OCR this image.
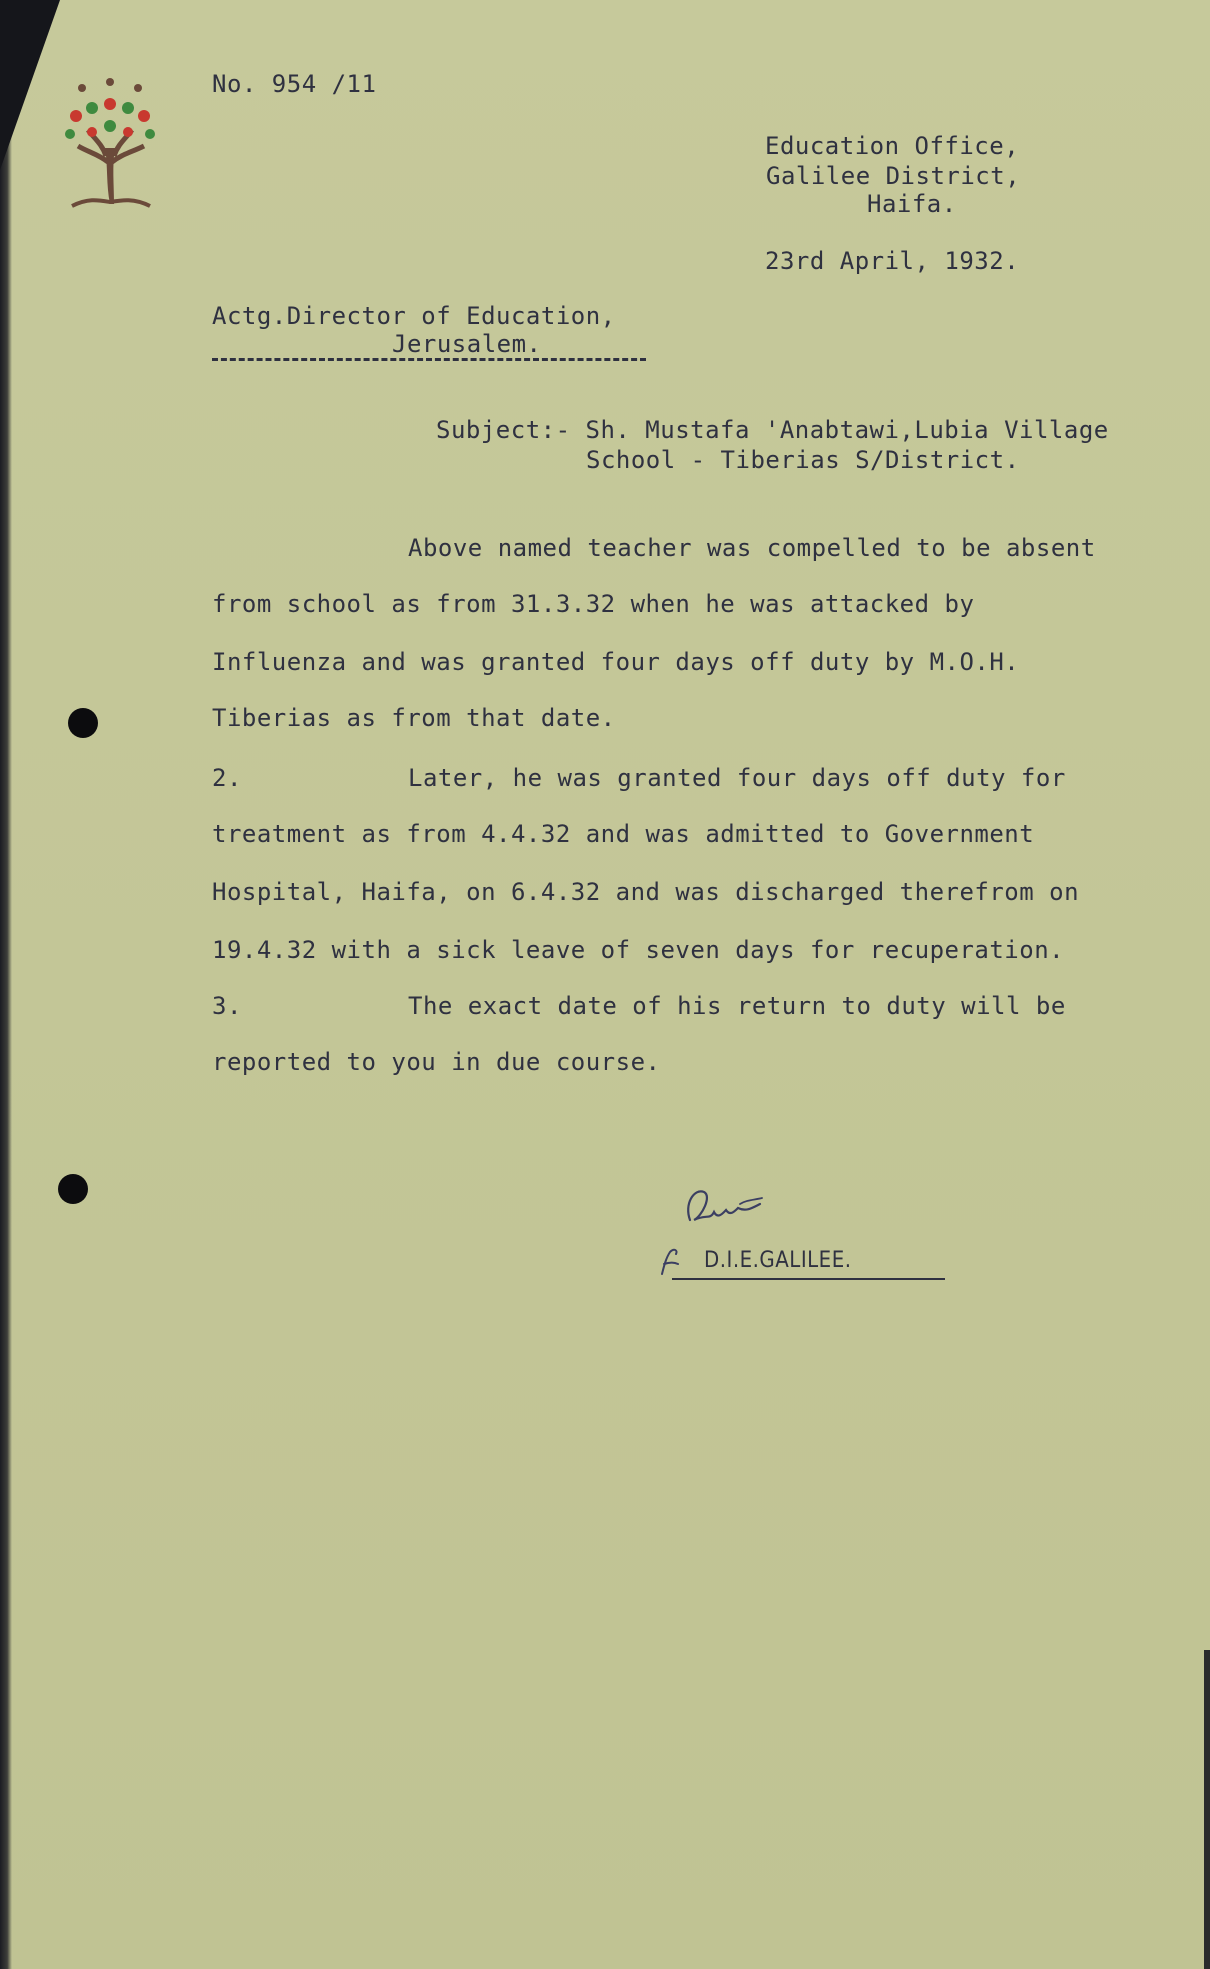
No. 954 /11
Education Office,
Galilee District,
Haifa.
23rd April, 1932.
Actg.Director of Education,
Jerusalem.
Subject:- Sh. Mustafa 'Anabtawi,Lubia Village
School - Tiberias S/District.
Above named teacher was compelled to be absent
from school as from 31.3.32 when he was attacked by
Influenza and was granted four days off duty by M.O.H.
Tiberias as from that date.
2.	Later, he was granted four days off duty for
treatment as from 4.4.32 and was admitted to Government
Hospital, Haifa, on 6.4.32 and was discharged therefrom on
19.4.32 with a sick leave of seven days for recuperation.
3.	The exact date of his return to duty will be
reported to you in due course.
D.I.E.GALILEE.
